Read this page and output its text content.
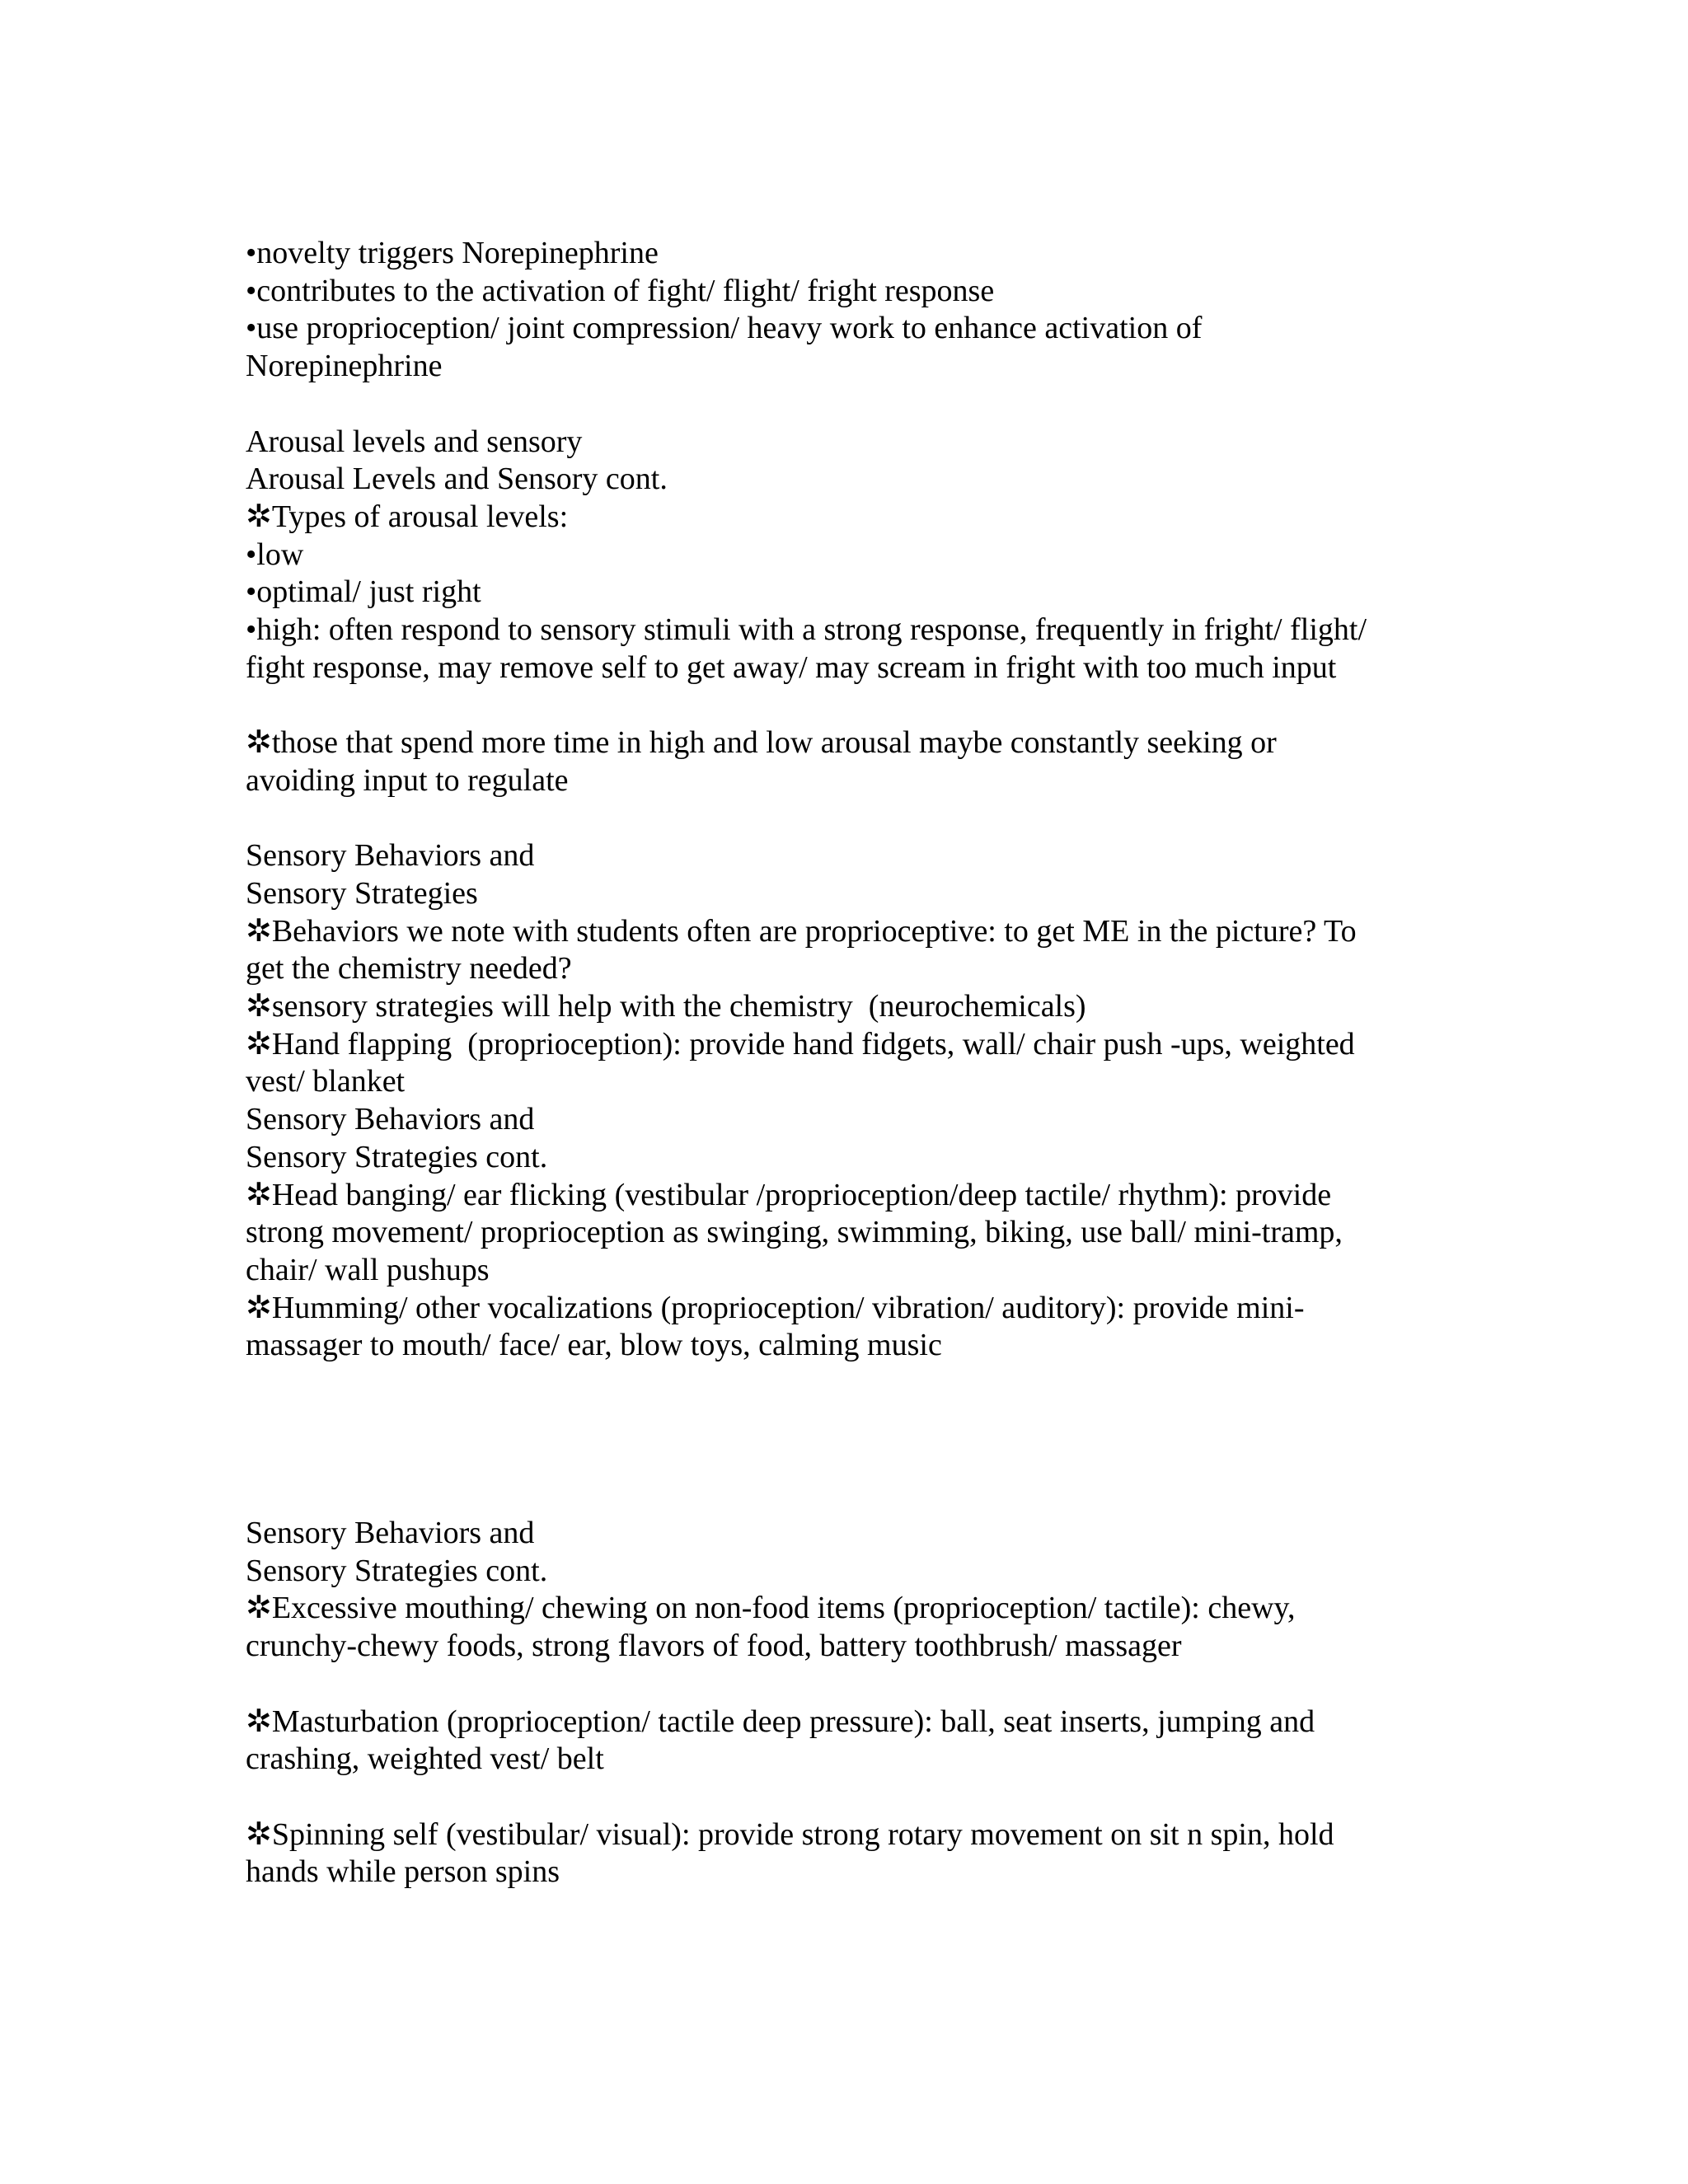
•novelty triggers Norepinephrine

•contributes to the activation of fight/ flight/ fright response

•use proprioception/ joint compression/ heavy work to enhance activation of

Norepinephrine

Arousal levels and sensory

Arousal Levels and Sensory cont.

✲Types of arousal levels:

•low

•optimal/ just right

•high: often respond to sensory stimuli with a strong response, frequently in fright/ flight/

fight response, may remove self to get away/ may scream in fright with too much input

✲those that spend more time in high and low arousal maybe constantly seeking or

avoiding input to regulate

Sensory Behaviors and

Sensory Strategies

✲Behaviors we note with students often are proprioceptive: to get ME in the picture? To

get the chemistry needed?

✲sensory strategies will help with the chemistry  (neurochemicals)

✲Hand flapping  (proprioception): provide hand fidgets, wall/ chair push -ups, weighted

vest/ blanket

Sensory Behaviors and

Sensory Strategies cont.

✲Head banging/ ear flicking (vestibular /proprioception/deep tactile/ rhythm): provide

strong movement/ proprioception as swinging, swimming, biking, use ball/ mini-tramp,

chair/ wall pushups

✲Humming/ other vocalizations (proprioception/ vibration/ auditory): provide mini-

massager to mouth/ face/ ear, blow toys, calming music

Sensory Behaviors and

Sensory Strategies cont.

✲Excessive mouthing/ chewing on non-food items (proprioception/ tactile): chewy,

crunchy-chewy foods, strong flavors of food, battery toothbrush/ massager

✲Masturbation (proprioception/ tactile deep pressure): ball, seat inserts, jumping and

crashing, weighted vest/ belt

✲Spinning self (vestibular/ visual): provide strong rotary movement on sit n spin, hold

hands while person spins
